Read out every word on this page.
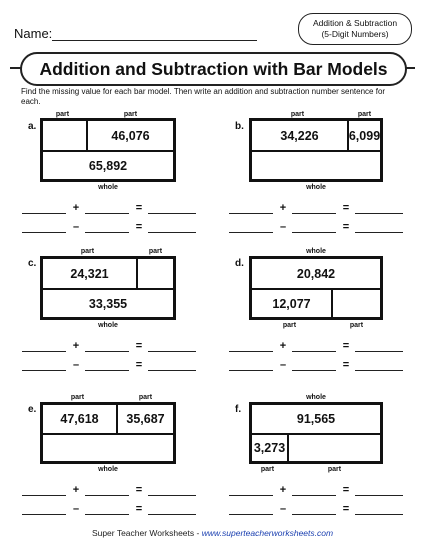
Name:
Addition & Subtraction
(5-Digit Numbers)
Addition and Subtraction with Bar Models
Find the missing value for each bar model. Then write an addition and subtraction number sentence for each.
a.
part	part
46,076
65,892
whole
+	=
–	=
b.
part	part
34,226	6,099
whole
+	=
–	=
c.
part	part
24,321
33,355
whole
+	=
–	=
d.
whole
20,842
12,077
part	part
+	=
–	=
e.
part	part
47,618	35,687
whole
+	=
–	=
f.
whole
91,565
3,273
part	part
+	=
–	=
Super Teacher Worksheets - www.superteacherworksheets.com
